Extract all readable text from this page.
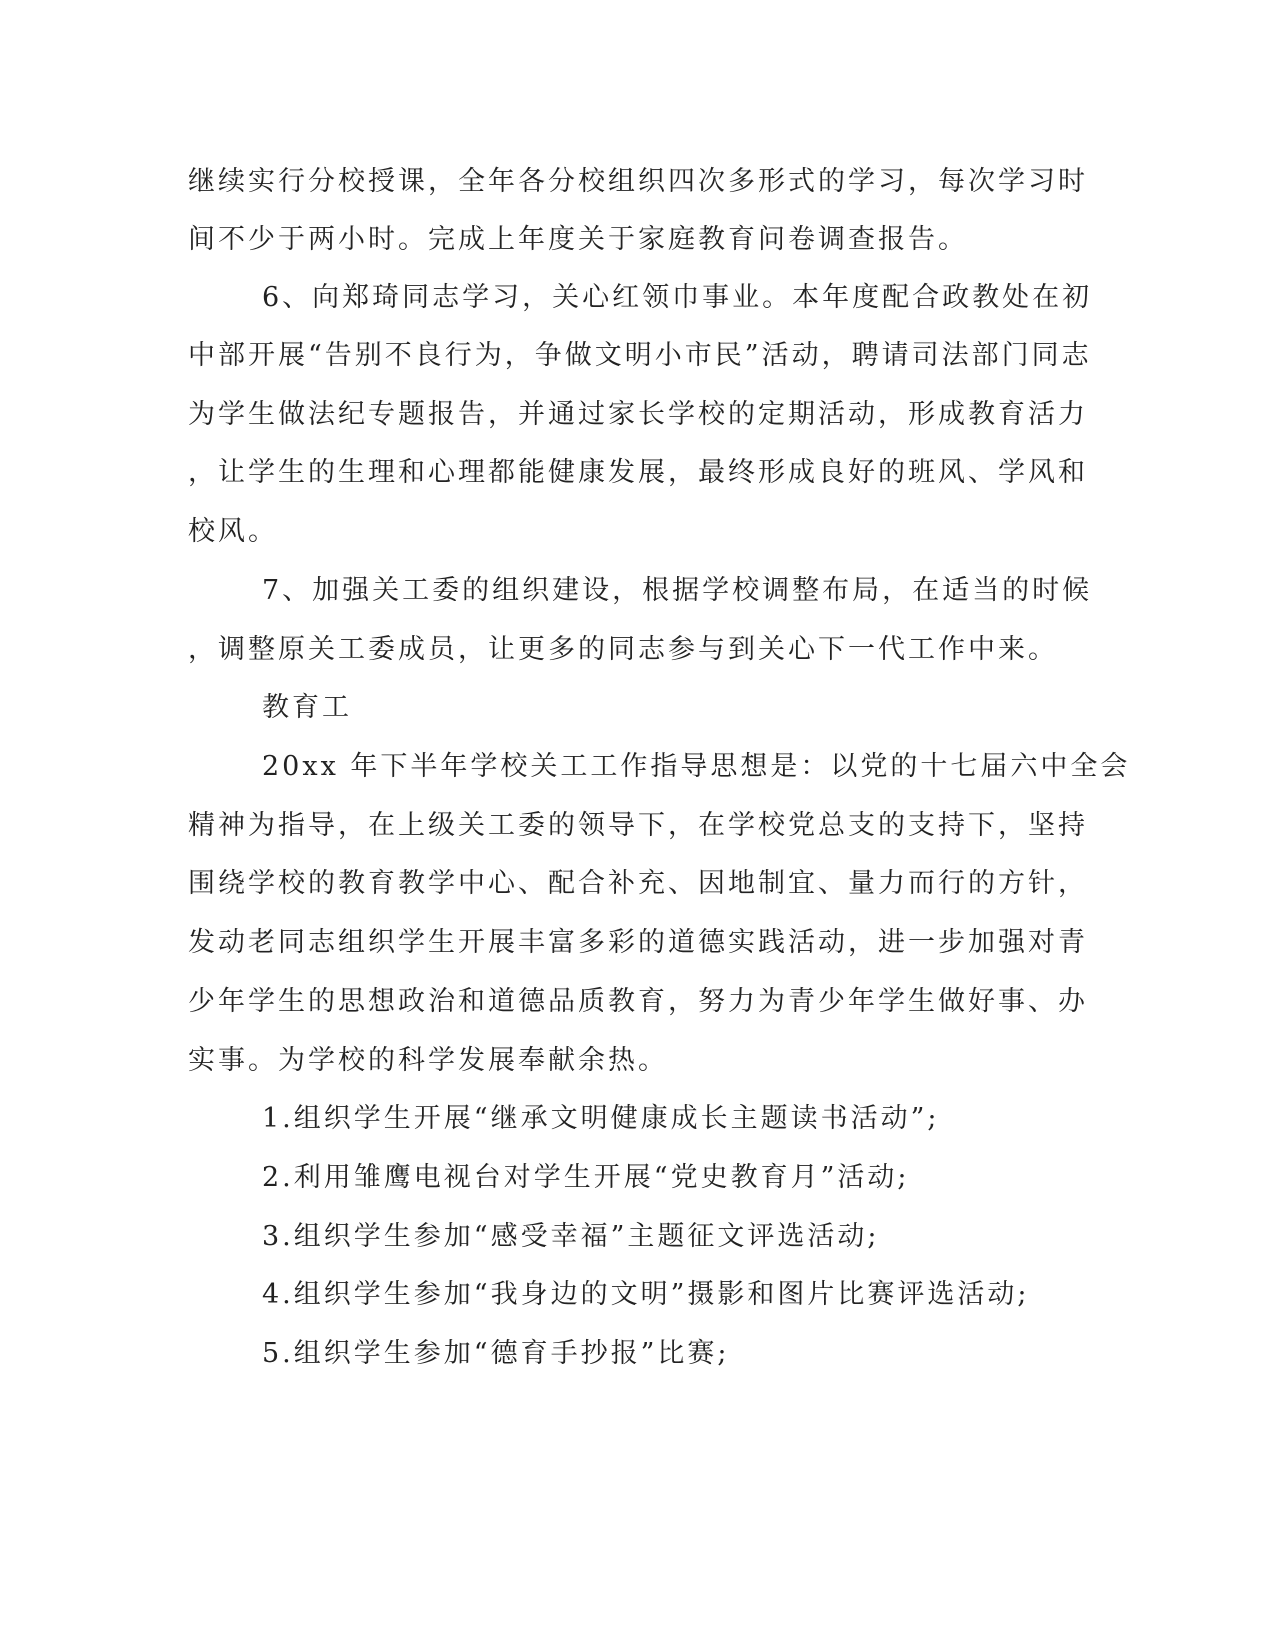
继续实行分校授课，全年各分校组织四次多形式的学习，每次学习时
间不少于两小时。完成上年度关于家庭教育问卷调查报告。
6、向郑琦同志学习，关心红领巾事业。本年度配合政教处在初
中部开展“告别不良行为，争做文明小市民”活动，聘请司法部门同志
为学生做法纪专题报告，并通过家长学校的定期活动，形成教育活力
，让学生的生理和心理都能健康发展，最终形成良好的班风、学风和
校风。
7、加强关工委的组织建设，根据学校调整布局，在适当的时候
，调整原关工委成员，让更多的同志参与到关心下一代工作中来。
教育工
20xx 年下半年学校关工工作指导思想是：以党的十七届六中全会
精神为指导，在上级关工委的领导下，在学校党总支的支持下，坚持
围绕学校的教育教学中心、配合补充、因地制宜、量力而行的方针，
发动老同志组织学生开展丰富多彩的道德实践活动，进一步加强对青
少年学生的思想政治和道德品质教育，努力为青少年学生做好事、办
实事。为学校的科学发展奉献余热。
1.组织学生开展“继承文明健康成长主题读书活动”;
2.利用雏鹰电视台对学生开展“党史教育月”活动;
3.组织学生参加“感受幸福”主题征文评选活动;
4.组织学生参加“我身边的文明”摄影和图片比赛评选活动;
5.组织学生参加“德育手抄报”比赛;
